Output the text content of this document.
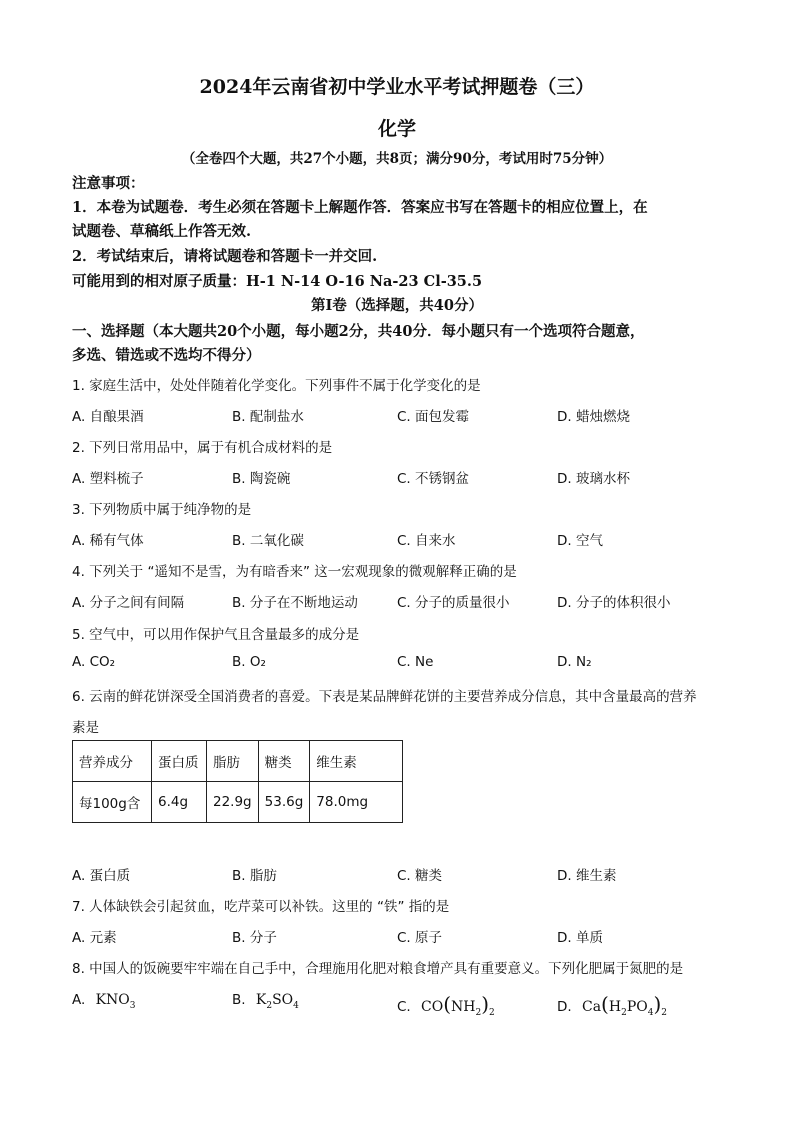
2024年云南省初中学业水平考试押题卷（三）
化学
（全卷四个大题，共27个小题，共8页；满分90分，考试用时75分钟）
注意事项：
1．本卷为试题卷．考生必须在答题卡上解题作答．答案应书写在答题卡的相应位置上，在
试题卷、草稿纸上作答无效.
2．考试结束后，请将试题卷和答题卡一并交回.
可能用到的相对原子质量：H-1 N-14 O-16 Na-23 Cl-35.5
第Ⅰ卷（选择题，共40分）
一、选择题（本大题共20个小题，每小题2分，共40分．每小题只有一个选项符合题意，
多选、错选或不选均不得分）
1. 家庭生活中，处处伴随着化学变化。下列事件不属于化学变化的是
A. 自酿果酒	B. 配制盐水	C. 面包发霉	D. 蜡烛燃烧
2. 下列日常用品中，属于有机合成材料的是
A. 塑料梳子	B. 陶瓷碗	C. 不锈钢盆	D. 玻璃水杯
3. 下列物质中属于纯净物的是
A. 稀有气体	B. 二氧化碳	C. 自来水	D. 空气
4. 下列关于 “遥知不是雪，为有暗香来” 这一宏观现象的微观解释正确的是
A. 分子之间有间隔	B. 分子在不断地运动	C. 分子的质量很小	D. 分子的体积很小
5. 空气中，可以用作保护气且含量最多的成分是
A. CO₂	B. O₂	C. Ne	D. N₂
6. 云南的鲜花饼深受全国消费者的喜爱。下表是某品牌鲜花饼的主要营养成分信息，其中含量最高的营养
素是
营养成分	蛋白质	脂肪	糖类	维生素
每100g含	6.4g	22.9g	53.6g	78.0mg
A. 蛋白质	B. 脂肪	C. 糖类	D. 维生素
7. 人体缺铁会引起贫血，吃芹菜可以补铁。这里的 “铁” 指的是
A. 元素	B. 分子	C. 原子	D. 单质
8. 中国人的饭碗要牢牢端在自己手中，合理施用化肥对粮食增产具有重要意义。下列化肥属于氮肥的是
A. $KNO_3$	B. $K_2SO_4$	C. $CO(NH_2)_2$	D. $Ca(H_2PO_4)_2$
